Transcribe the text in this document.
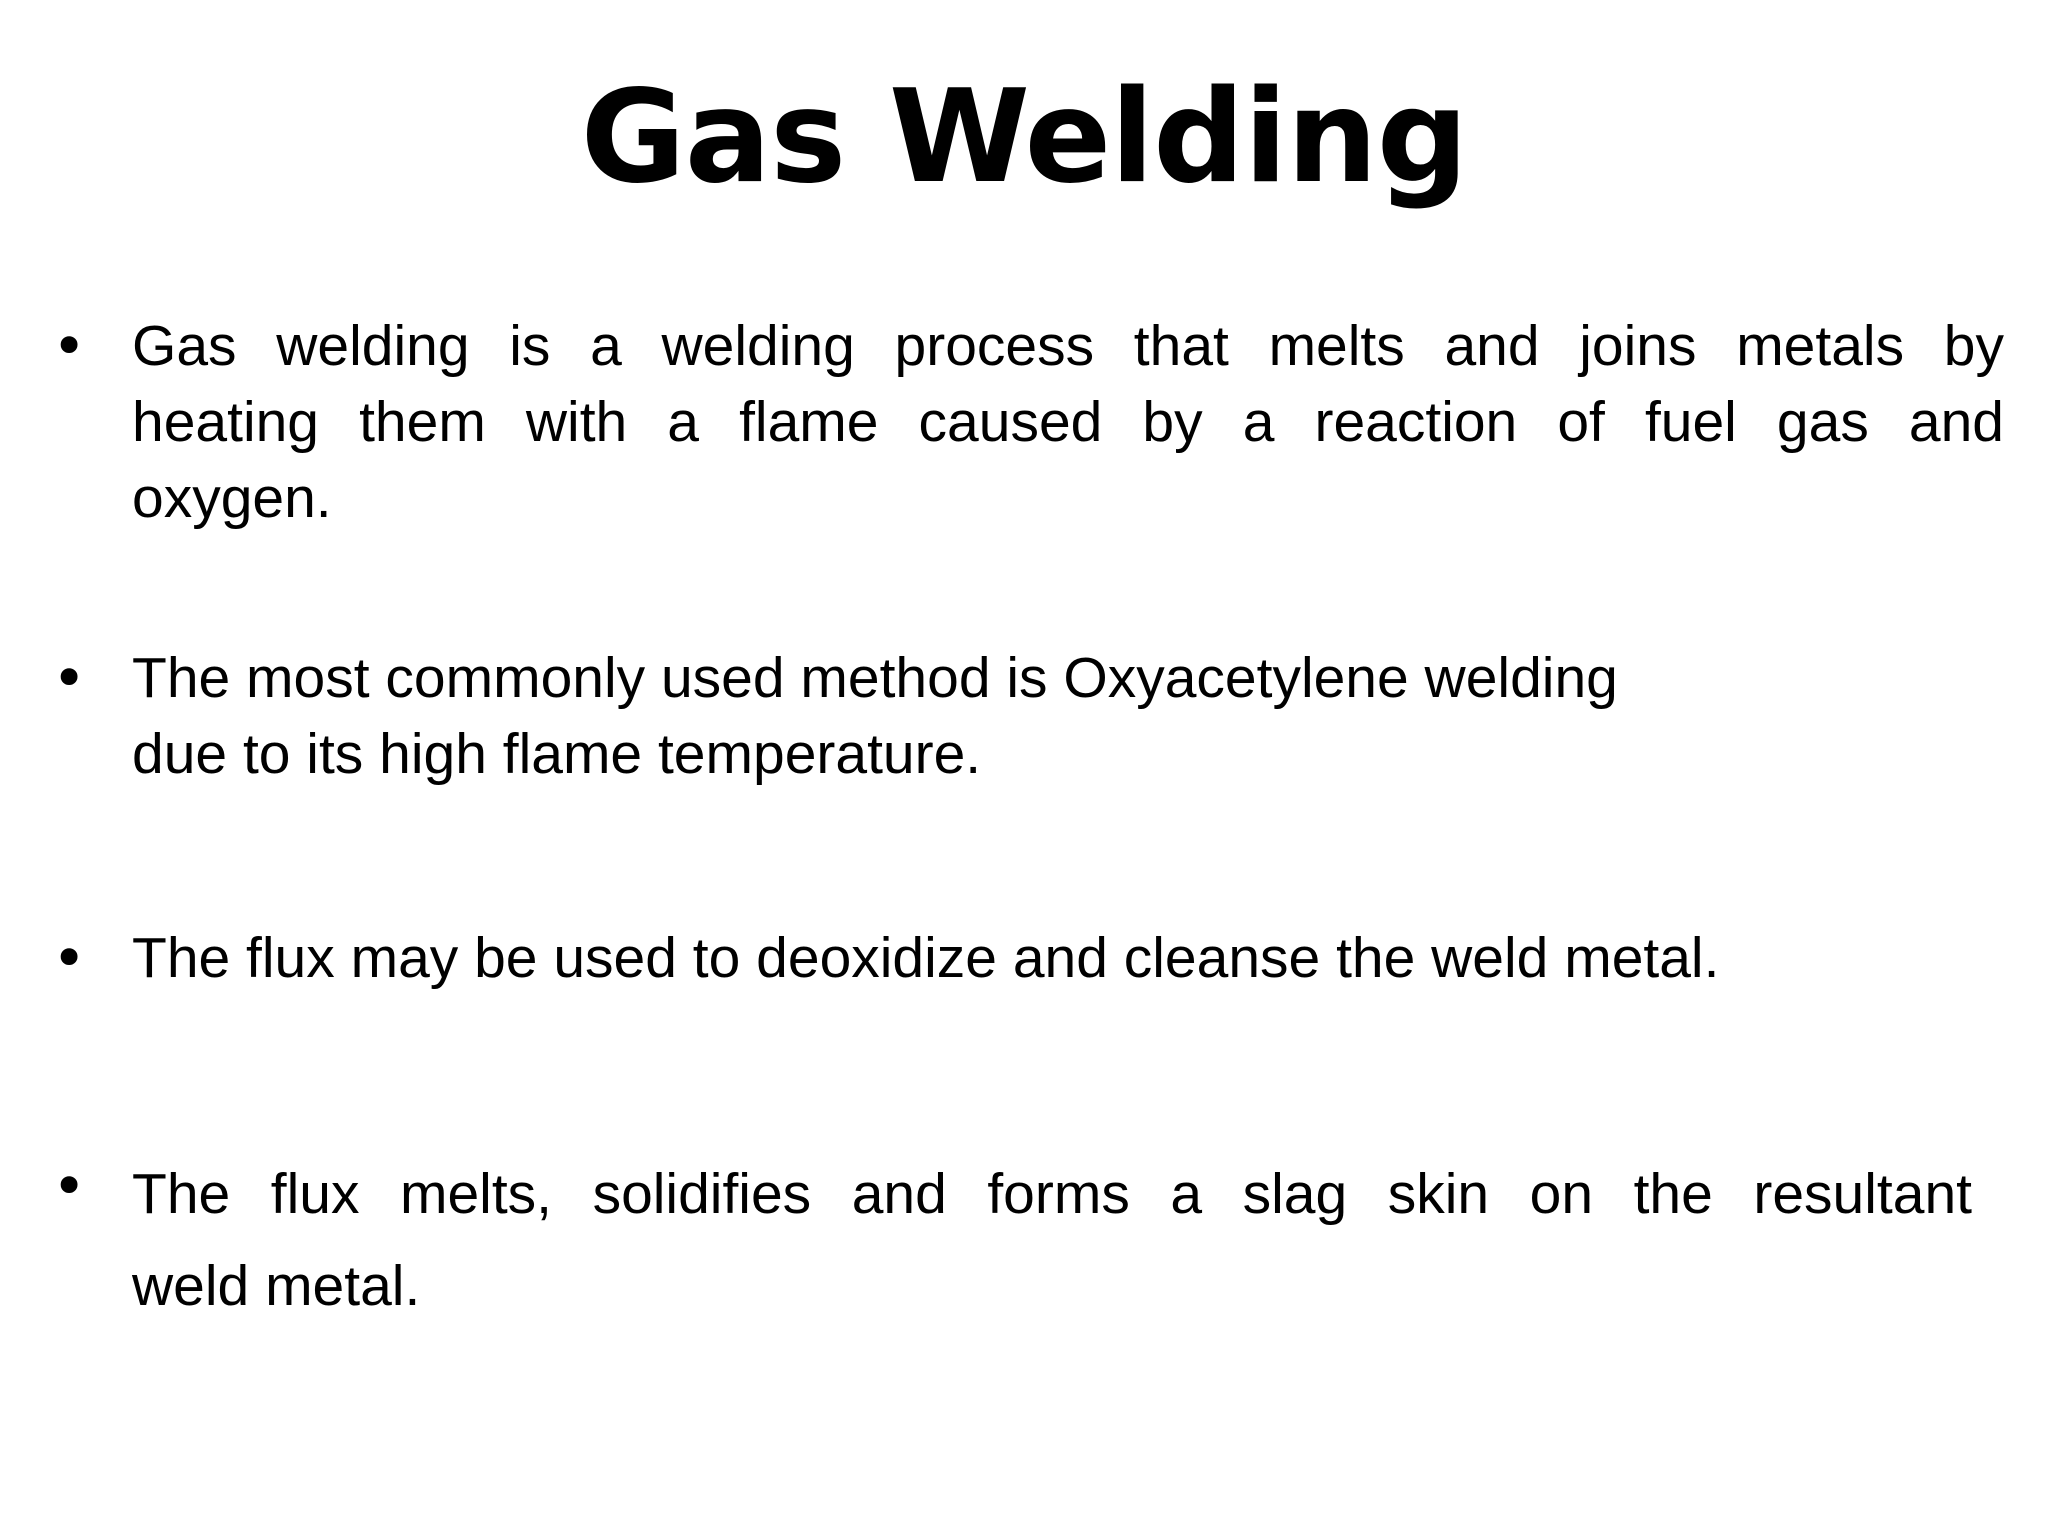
Gas Welding
• Gas welding is a welding process that melts and joins metals by
heating them with a flame caused by a reaction of fuel gas and
oxygen.

• The most commonly used method is Oxyacetylene welding
due to its high flame temperature.

• The flux may be used to deoxidize and cleanse the weld metal.

• The flux melts, solidifies and forms a slag skin on the resultant
weld metal.
